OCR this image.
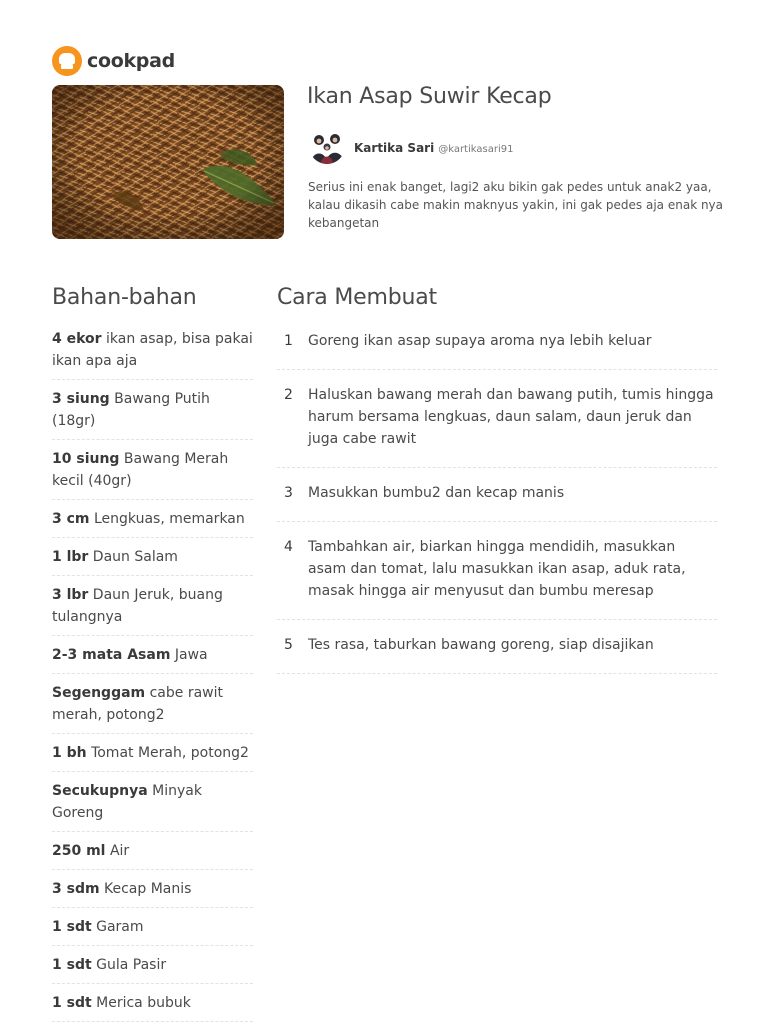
cookpad
Ikan Asap Suwir Kecap
Kartika Sari @kartikasari91

Serius ini enak banget, lagi2 aku bikin gak pedes untuk anak2 yaa, kalau dikasih cabe makin maknyus yakin, ini gak pedes aja enak nya kebangetan

Bahan-bahan
4 ekor ikan asap, bisa pakai ikan apa aja
3 siung Bawang Putih (18gr)
10 siung Bawang Merah kecil (40gr)
3 cm Lengkuas, memarkan
1 lbr Daun Salam
3 lbr Daun Jeruk, buang tulangnya
2-3 mata Asam Jawa
Segenggam cabe rawit merah, potong2
1 bh Tomat Merah, potong2
Secukupnya Minyak Goreng
250 ml Air
3 sdm Kecap Manis
1 sdt Garam
1 sdt Gula Pasir
1 sdt Merica bubuk
Cara Membuat
1	Goreng ikan asap supaya aroma nya lebih keluar
2	Haluskan bawang merah dan bawang putih, tumis hingga harum bersama lengkuas, daun salam, daun jeruk dan juga cabe rawit
3	Masukkan bumbu2 dan kecap manis
4	Tambahkan air, biarkan hingga mendidih, masukkan asam dan tomat, lalu masukkan ikan asap, aduk rata, masak hingga air menyusut dan bumbu meresap
5	Tes rasa, taburkan bawang goreng, siap disajikan
